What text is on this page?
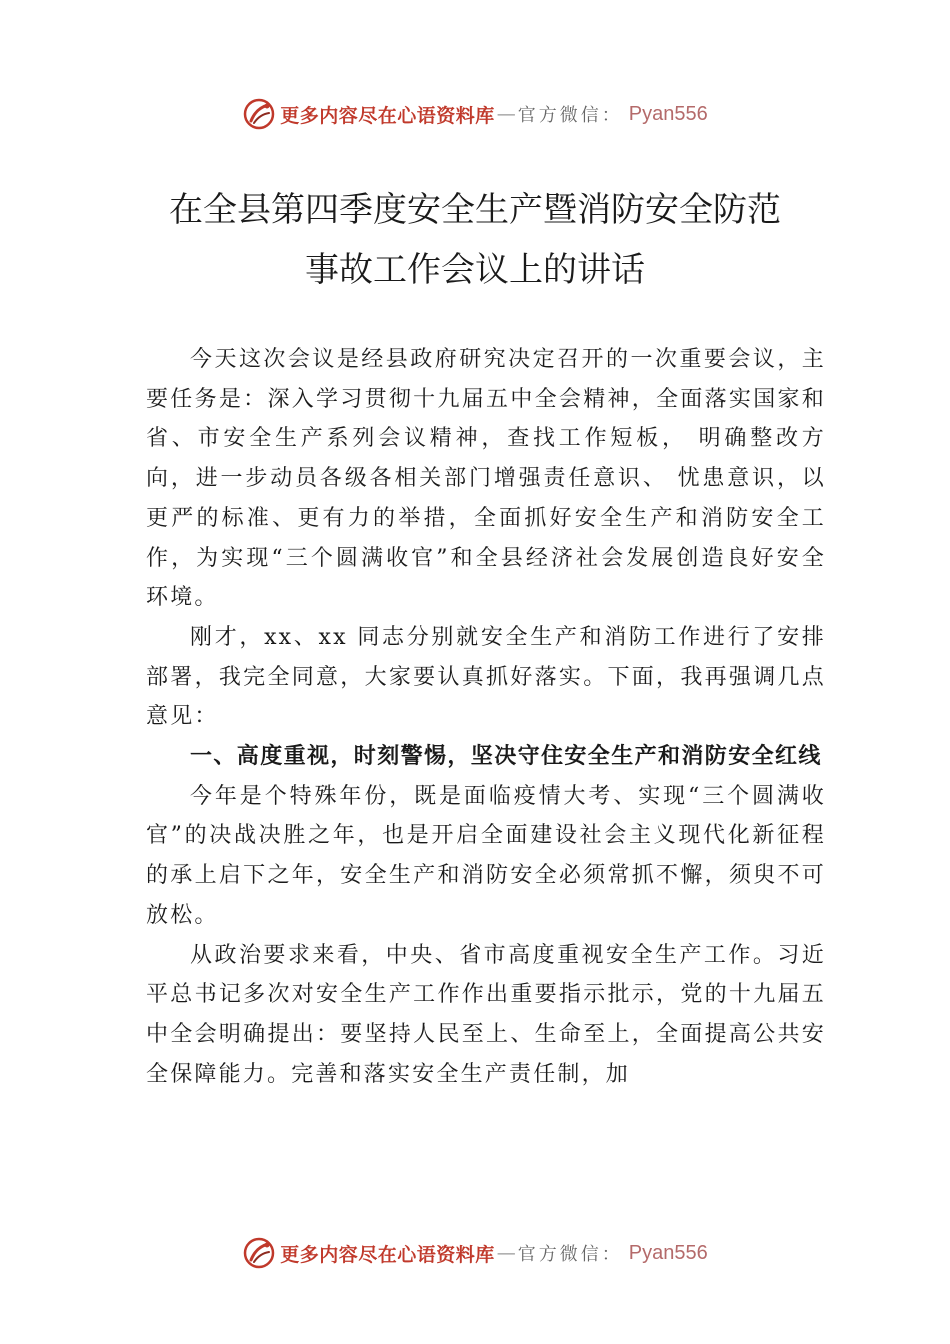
更多内容尽在心语资料库 — 官方微信： Pyan556
在全县第四季度安全生产暨消防安全防范
事故工作会议上的讲话

今天这次会议是经县政府研究决定召开的一次重要会议，主要任务是：深入学习贯彻十九届五中全会精神，全面落实国家和省、市安全生产系列会议精神，查找工作短板， 明确整改方向，进一步动员各级各相关部门增强责任意识、 忧患意识，以更严的标准、更有力的举措，全面抓好安全生产和消防安全工作，为实现“三个圆满收官”和全县经济社会发展创造良好安全环境。

刚才，xx、xx 同志分别就安全生产和消防工作进行了安排部署，我完全同意，大家要认真抓好落实。下面，我再强调几点意见：

一、高度重视，时刻警惕，坚决守住安全生产和消防安全红线

今年是个特殊年份，既是面临疫情大考、实现“三个圆满收官”的决战决胜之年，也是开启全面建设社会主义现代化新征程的承上启下之年，安全生产和消防安全必须常抓不懈，须臾不可放松。

从政治要求来看，中央、省市高度重视安全生产工作。习近平总书记多次对安全生产工作作出重要指示批示，党的十九届五中全会明确提出：要坚持人民至上、生命至上，全面提高公共安全保障能力。完善和落实安全生产责任制，加

更多内容尽在心语资料库 — 官方微信： Pyan556
